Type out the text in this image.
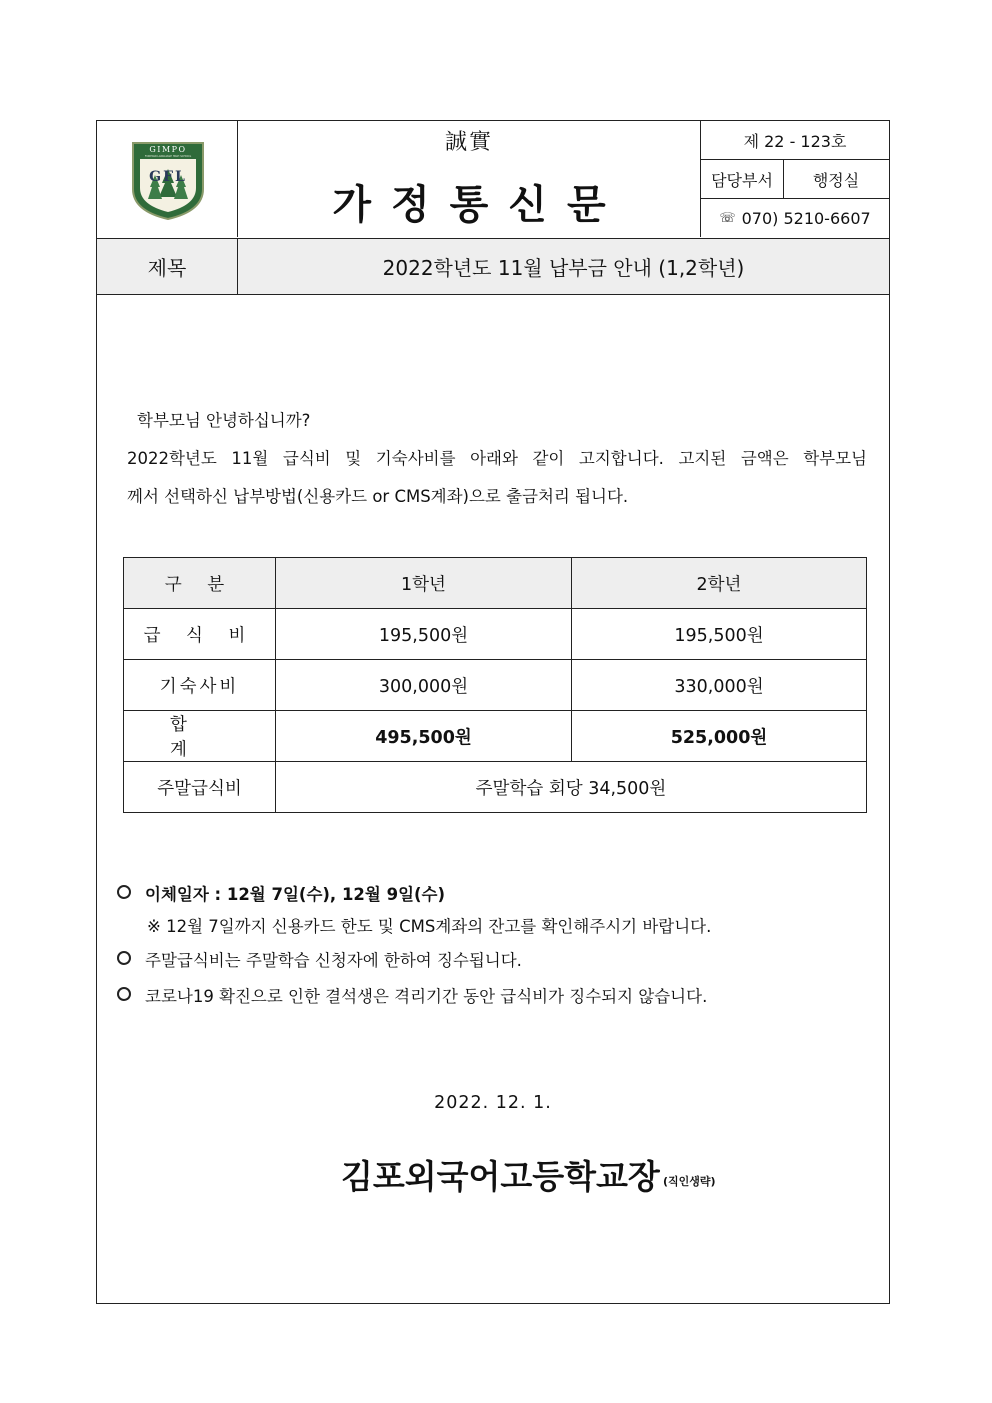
GIMPO
FOREIGN LANGUAGE HIGH SCHOOL
GFL
誠實
가정통신문
제 22 - 123호
담당부서	행정실
☏ 070) 5210-6607
제목	2022학년도 11월 납부금 안내 (1,2학년)
학부모님 안녕하십니까?
2022학년도 11월 급식비 및 기숙사비를 아래와 같이 고지합니다. 고지된 금액은 학부모님
께서 선택하신 납부방법(신용카드 or CMS계좌)으로 출금처리 됩니다.
구 분	1학년	2학년
급 식 비	195,500원	195,500원
기숙사비	300,000원	330,000원
합 계	495,500원	525,000원
주말급식비	주말학습 회당 34,500원	
이체일자 : 12월 7일(수), 12월 9일(수)
※ 12월 7일까지 신용카드 한도 및 CMS계좌의 잔고를 확인해주시기 바랍니다.
주말급식비는 주말학습 신청자에 한하여 징수됩니다.
코로나19 확진으로 인한 결석생은 격리기간 동안 급식비가 징수되지 않습니다.
2022. 12. 1.
김포외국어고등학교장 (직인생략)
